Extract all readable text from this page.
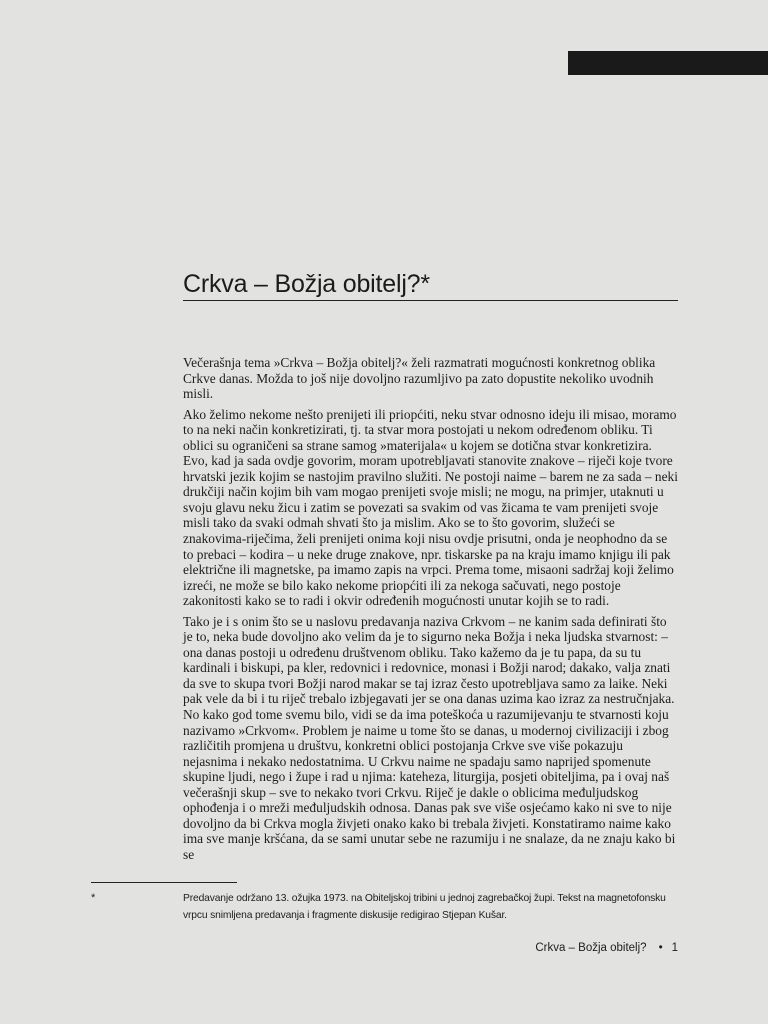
Crkva – Božja obitelj?*

Večerašnja tema »Crkva – Božja obitelj?« želi razmatrati mogućnosti konkretnog oblika Crkve danas. Možda to još nije dovoljno razumljivo pa zato dopustite nekoliko uvodnih misli.

Ako želimo nekome nešto prenijeti ili priopćiti, neku stvar odnosno ideju ili misao, moramo to na neki način konkretizirati, tj. ta stvar mora postojati u nekom određenom obliku. Ti oblici su ograničeni sa strane samog »materijala« u kojem se dotična stvar konkretizira. Evo, kad ja sada ovdje govorim, moram upotrebljavati stanovite znakove – riječi koje tvore hrvatski jezik kojim se nastojim pravilno služiti. Ne postoji naime – barem ne za sada – neki drukčiji način kojim bih vam mogao prenijeti svoje misli; ne mogu, na primjer, utaknuti u svoju glavu neku žicu i zatim se povezati sa svakim od vas žicama te vam prenijeti svoje misli tako da svaki odmah shvati što ja mislim. Ako se to što govorim, služeći se znakovima-riječima, želi prenijeti onima koji nisu ovdje prisutni, onda je neophodno da se to prebaci – kodira – u neke druge znakove, npr. tiskarske pa na kraju imamo knjigu ili pak električne ili magnetske, pa imamo zapis na vrpci. Prema tome, misaoni sadržaj koji želimo izreći, ne može se bilo kako nekome priopćiti ili za nekoga sačuvati, nego postoje zakonitosti kako se to radi i okvir određenih mogućnosti unutar kojih se to radi.

Tako je i s onim što se u naslovu predavanja naziva Crkvom – ne kanim sada definirati što je to, neka bude dovoljno ako velim da je to sigurno neka Božja i neka ljudska stvarnost: – ona danas postoji u određenu društvenom obliku. Tako kažemo da je tu papa, da su tu kardinali i biskupi, pa kler, redovnici i redovnice, monasi i Božji narod; dakako, valja znati da sve to skupa tvori Božji narod makar se taj izraz često upotrebljava samo za laike. Neki pak vele da bi i tu riječ trebalo izbjegavati jer se ona danas uzima kao izraz za nestručnjaka. No kako god tome svemu bilo, vidi se da ima poteškoća u razumijevanju te stvarnosti koju nazivamo »Crkvom«. Problem je naime u tome što se danas, u modernoj civilizaciji i zbog različitih promjena u društvu, konkretni oblici postojanja Crkve sve više pokazuju nejasnima i nekako nedostatnima. U Crkvu naime ne spadaju samo naprijed spomenute skupine ljudi, nego i župe i rad u njima: kateheza, liturgija, posjeti obiteljima, pa i ovaj naš večerašnji skup – sve to nekako tvori Crkvu. Riječ je dakle o oblicima međuljudskog ophođenja i o mreži međuljudskih odnosa. Danas pak sve više osjećamo kako ni sve to nije dovoljno da bi Crkva mogla živjeti onako kako bi trebala živjeti. Konstatiramo naime kako ima sve manje kršćana, da se sami unutar sebe ne razumiju i ne snalaze, da ne znaju kako bi se

*	Predavanje održano 13. ožujka 1973. na Obiteljskoj tribini u jednoj zagrebačkoj župi. Tekst na magnetofonsku vrpcu snimljena predavanja i fragmente diskusije redigirao Stjepan Kušar.

Crkva – Božja obitelj? • 1
